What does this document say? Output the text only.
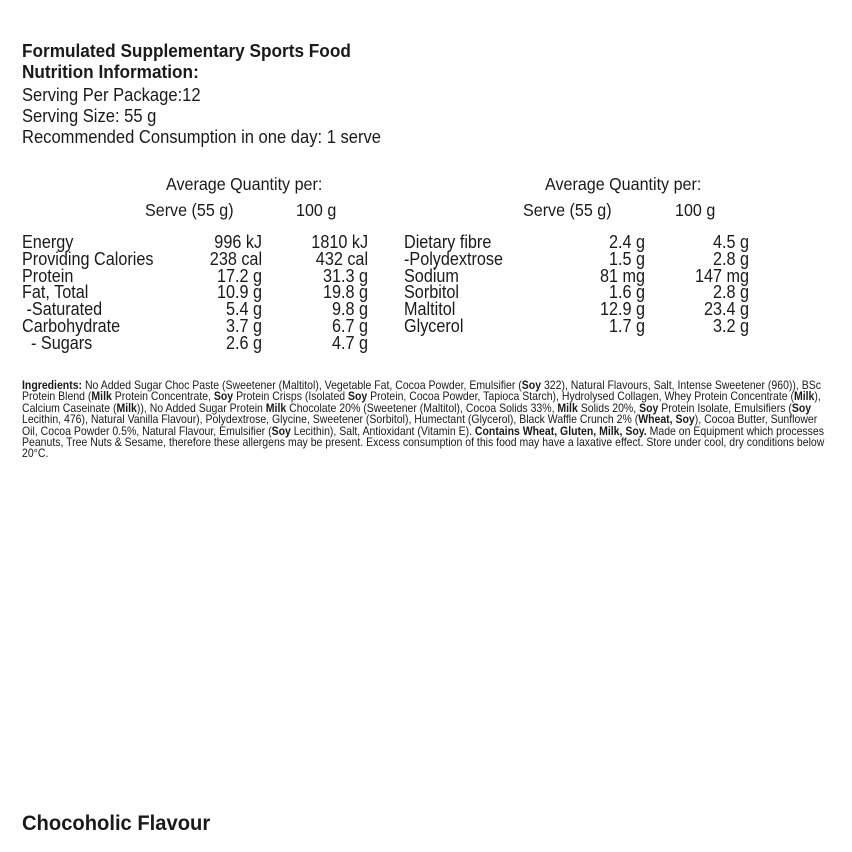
Formulated Supplementary Sports Food
Nutrition Information:
Serving Per Package:12
Serving Size: 55 g
Recommended Consumption in one day: 1 serve
Average Quantity per:
Serve (55 g)	100 g
Average Quantity per:
Serve (55 g)	100 g
Energy
Providing Calories
Protein
Fat, Total
-Saturated
Carbohydrate
- Sugars
996 kJ
238 cal
17.2 g
10.9 g
5.4 g
3.7 g
2.6 g
1810 kJ
432 cal
31.3 g
19.8 g
9.8 g
6.7 g
4.7 g
Dietary fibre
-Polydextrose
Sodium
Sorbitol
Maltitol
Glycerol
2.4 g
1.5 g
81 mg
1.6 g
12.9 g
1.7 g
4.5 g
2.8 g
147 mg
2.8 g
23.4 g
3.2 g
Ingredients: No Added Sugar Choc Paste (Sweetener (Maltitol), Vegetable Fat, Cocoa Powder, Emulsifier (Soy 322), Natural Flavours, Salt, Intense Sweetener (960)), BSc Protein Blend (Milk Protein Concentrate, Soy Protein Crisps (Isolated Soy Protein, Cocoa Powder, Tapioca Starch), Hydrolysed Collagen, Whey Protein Concentrate (Milk), Calcium Caseinate (Milk)), No Added Sugar Protein Milk Chocolate 20% (Sweetener (Maltitol), Cocoa Solids 33%, Milk Solids 20%, Soy Protein Isolate, Emulsifiers (Soy Lecithin, 476), Natural Vanilla Flavour), Polydextrose, Glycine, Sweetener (Sorbitol), Humectant (Glycerol), Black Waffle Crunch 2% (Wheat, Soy), Cocoa Butter, Sunflower Oil, Cocoa Powder 0.5%, Natural Flavour, Emulsifier (Soy Lecithin), Salt, Antioxidant (Vitamin E). Contains Wheat, Gluten, Milk, Soy. Made on Equipment which processes Peanuts, Tree Nuts & Sesame, therefore these allergens may be present. Excess consumption of this food may have a laxative effect. Store under cool, dry conditions below 20°C.
Chocoholic Flavour
